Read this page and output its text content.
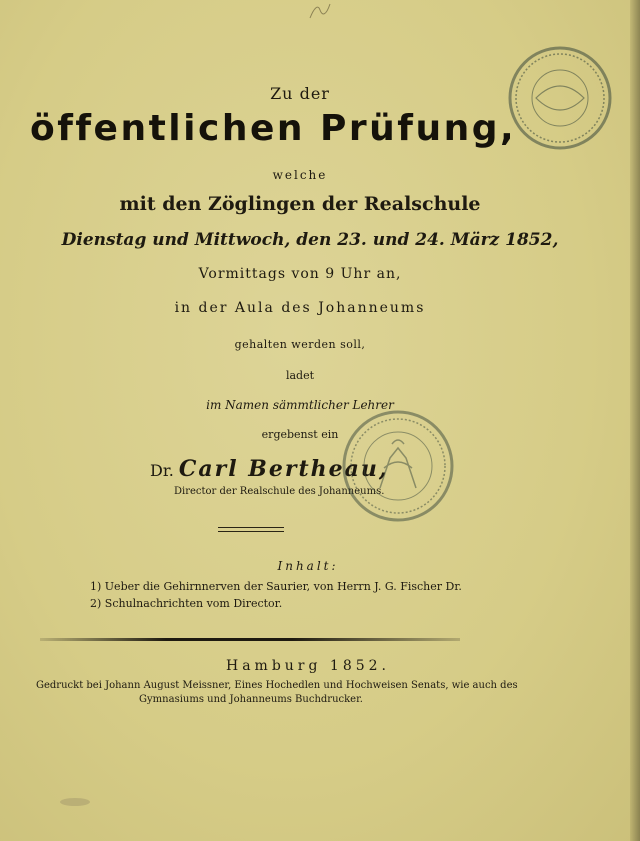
Zu der
öffentlichen Prüfung,
welche
mit den Zöglingen der Realschule
Dienstag und Mittwoch, den 23. und 24. März 1852,
Vormittags von 9 Uhr an,
in der Aula des Johanneums
gehalten werden soll,
ladet
im Namen sämmtlicher Lehrer
ergebenst ein
Dr. Carl Bertheau,
Director der Realschule des Johanneums.
Inhalt:
1) Ueber die Gehirnnerven der Saurier, von Herrn J. G. Fischer Dr.
2) Schulnachrichten vom Director.
Hamburg 1852.
Gedruckt bei Johann August Meissner, Eines Hochedlen und Hochweisen Senats, wie auch des
Gymnasiums und Johanneums Buchdrucker.
